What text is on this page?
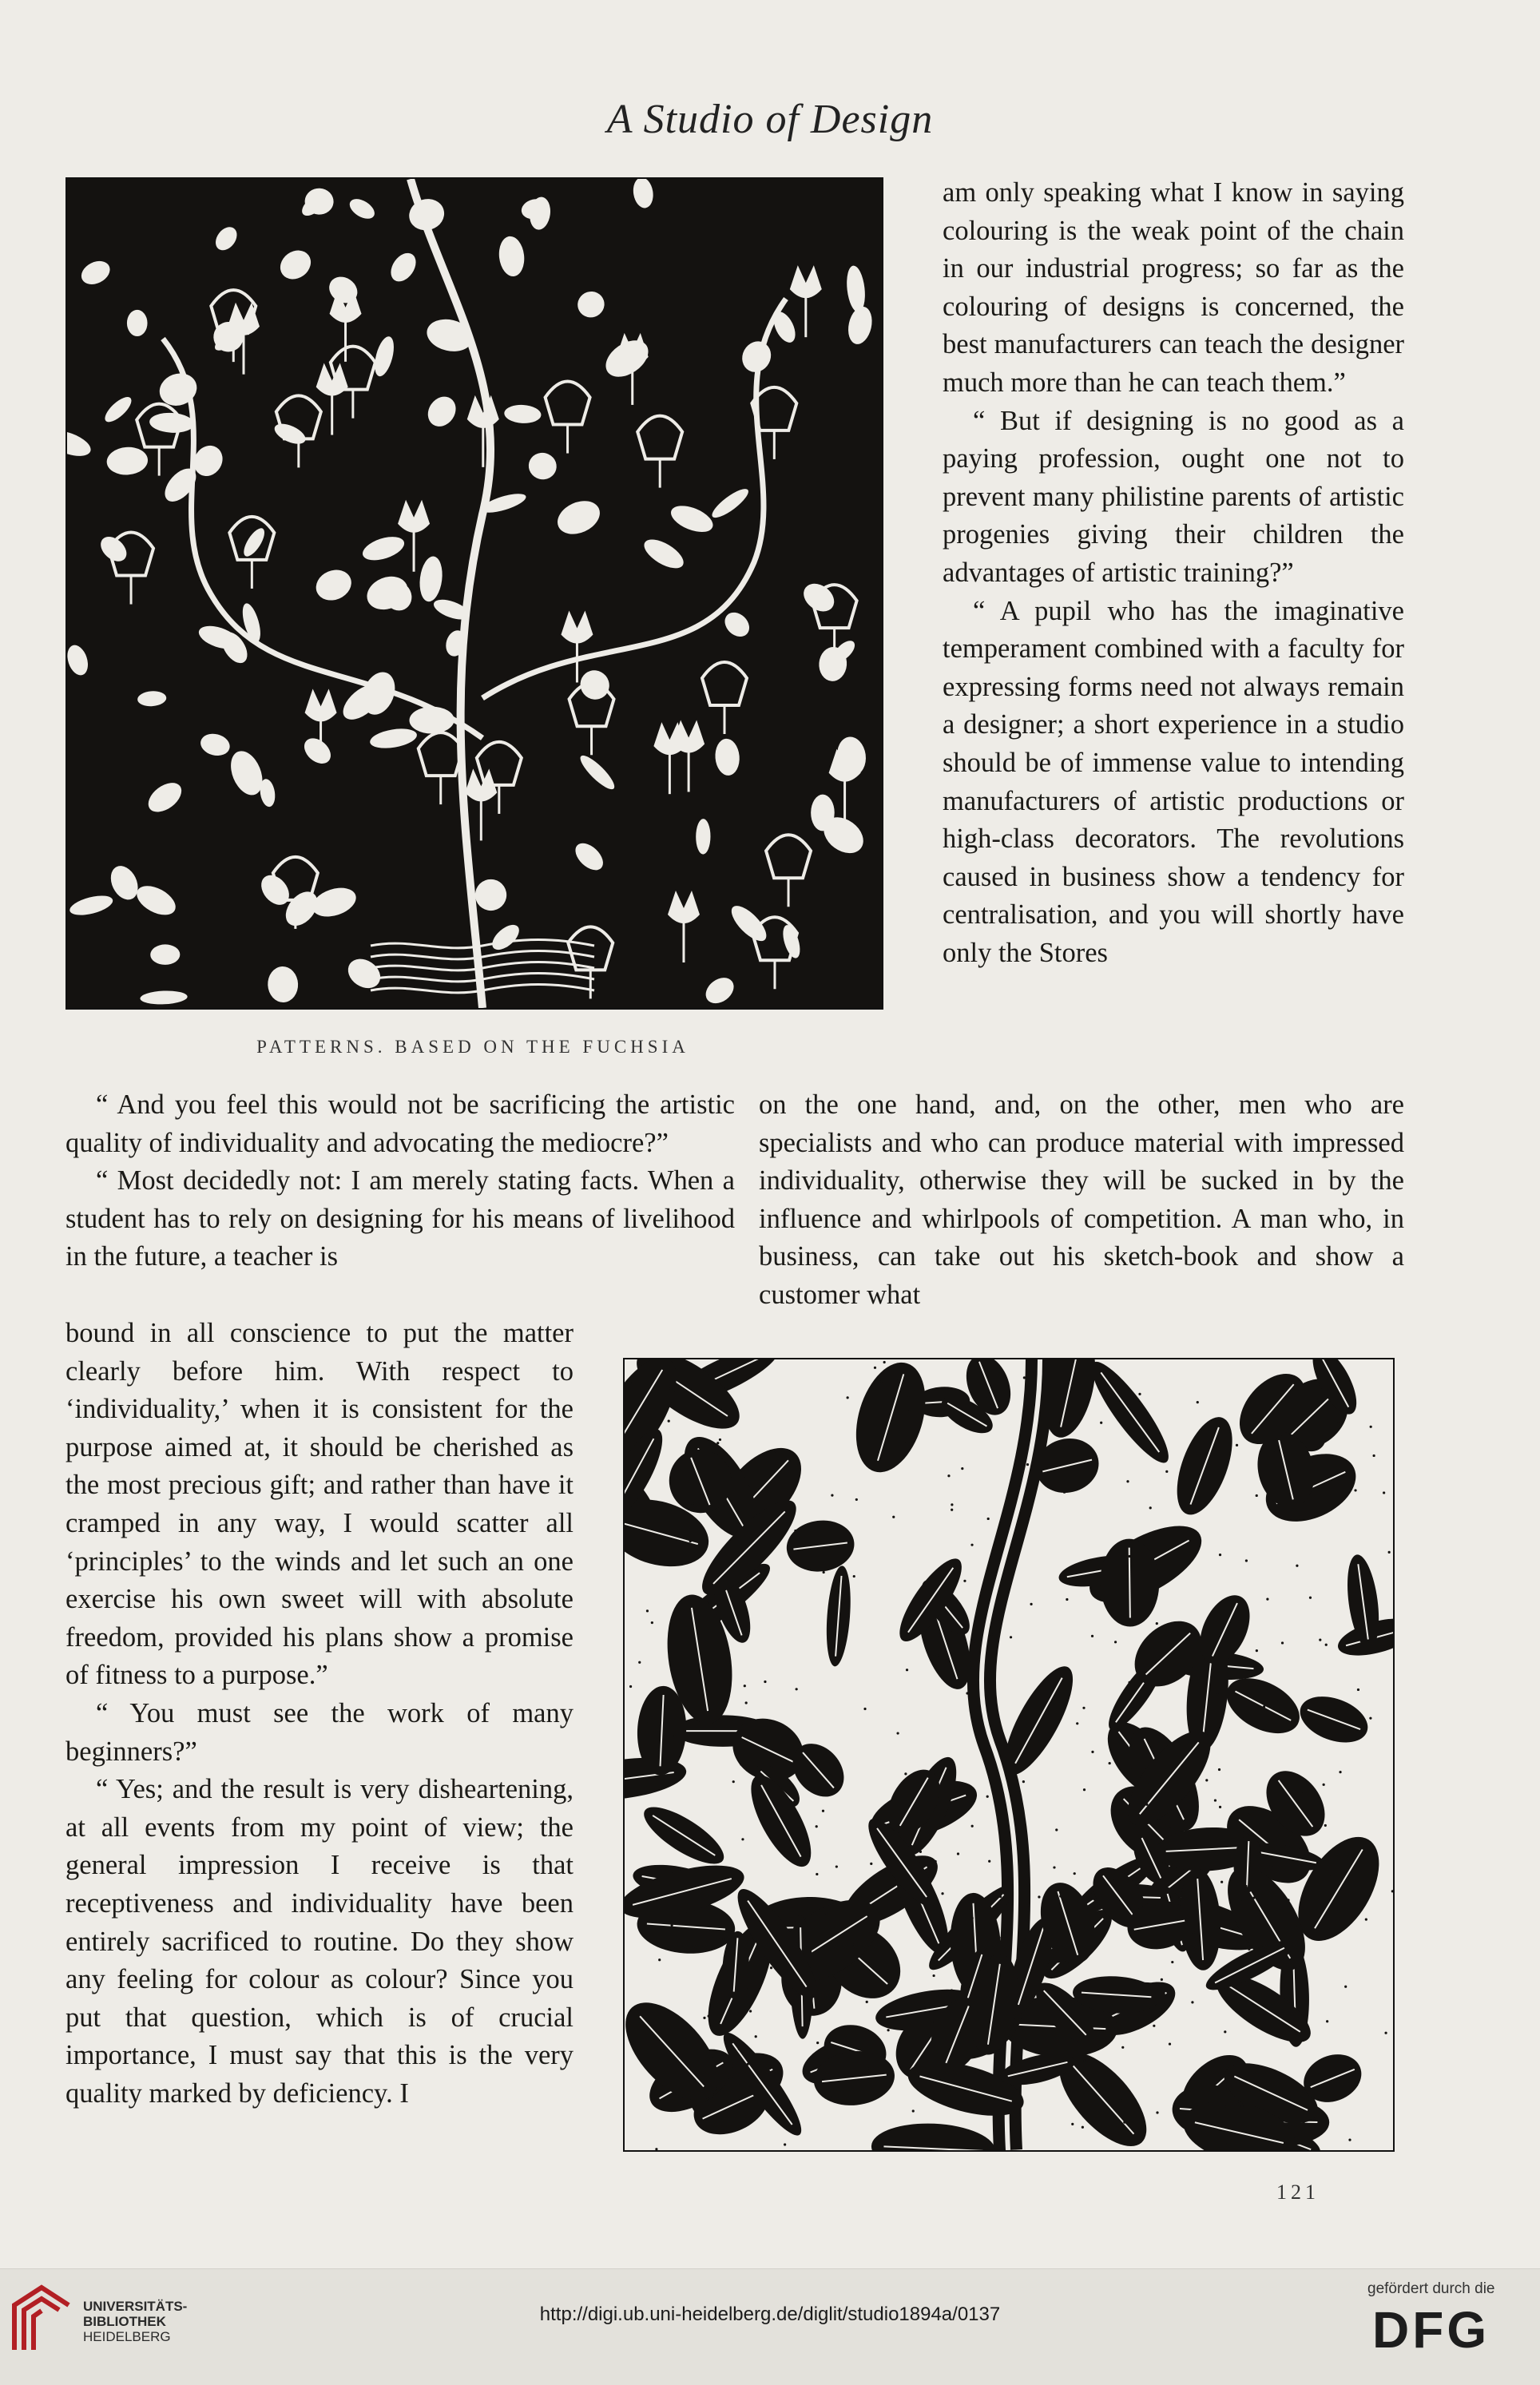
A Studio of Design
PATTERNS. BASED ON THE FUCHSIA

am only speaking what I know in saying colouring is the weak point of the chain in our industrial progress; so far as the colouring of designs is concerned, the best manufacturers can teach the designer much more than he can teach them.”

“ But if designing is no good as a paying profession, ought one not to prevent many philistine parents of artistic progenies giving their children the advantages of artistic training?”

“ A pupil who has the imaginative temperament combined with a faculty for expressing forms need not always remain a designer; a short experience in a studio should be of immense value to intending manufacturers of artistic productions or high-class decorators. The revolutions caused in business show a tendency for centralisation, and you will shortly have only the Stores

“ And you feel this would not be sacrificing the artistic quality of individuality and advocating the mediocre?”

“ Most decidedly not: I am merely stating facts. When a student has to rely on designing for his means of livelihood in the future, a teacher is

on the one hand, and, on the other, men who are specialists and who can produce material with impressed individuality, otherwise they will be sucked in by the influence and whirlpools of competition. A man who, in business, can take out his sketch-book and show a customer what

bound in all conscience to put the matter clearly before him. With respect to ‘individuality,’ when it is consistent for the purpose aimed at, it should be cherished as the most precious gift; and rather than have it cramped in any way, I would scatter all ‘principles’ to the winds and let such an one exercise his own sweet will with absolute freedom, provided his plans show a promise of fitness to a purpose.”

“ You must see the work of many beginners?”

“ Yes; and the result is very disheartening, at all events from my point of view; the general impression I receive is that receptiveness and individuality have been entirely sacrificed to routine. Do they show any feeling for colour as colour? Since you put that question, which is of crucial importance, I must say that this is the very quality marked by deficiency. I

121
UNIVERSITÄTS-
BIBLIOTHEK
HEIDELBERG
http://digi.ub.uni-heidelberg.de/diglit/studio1894a/0137
gefördert durch die
DFG
